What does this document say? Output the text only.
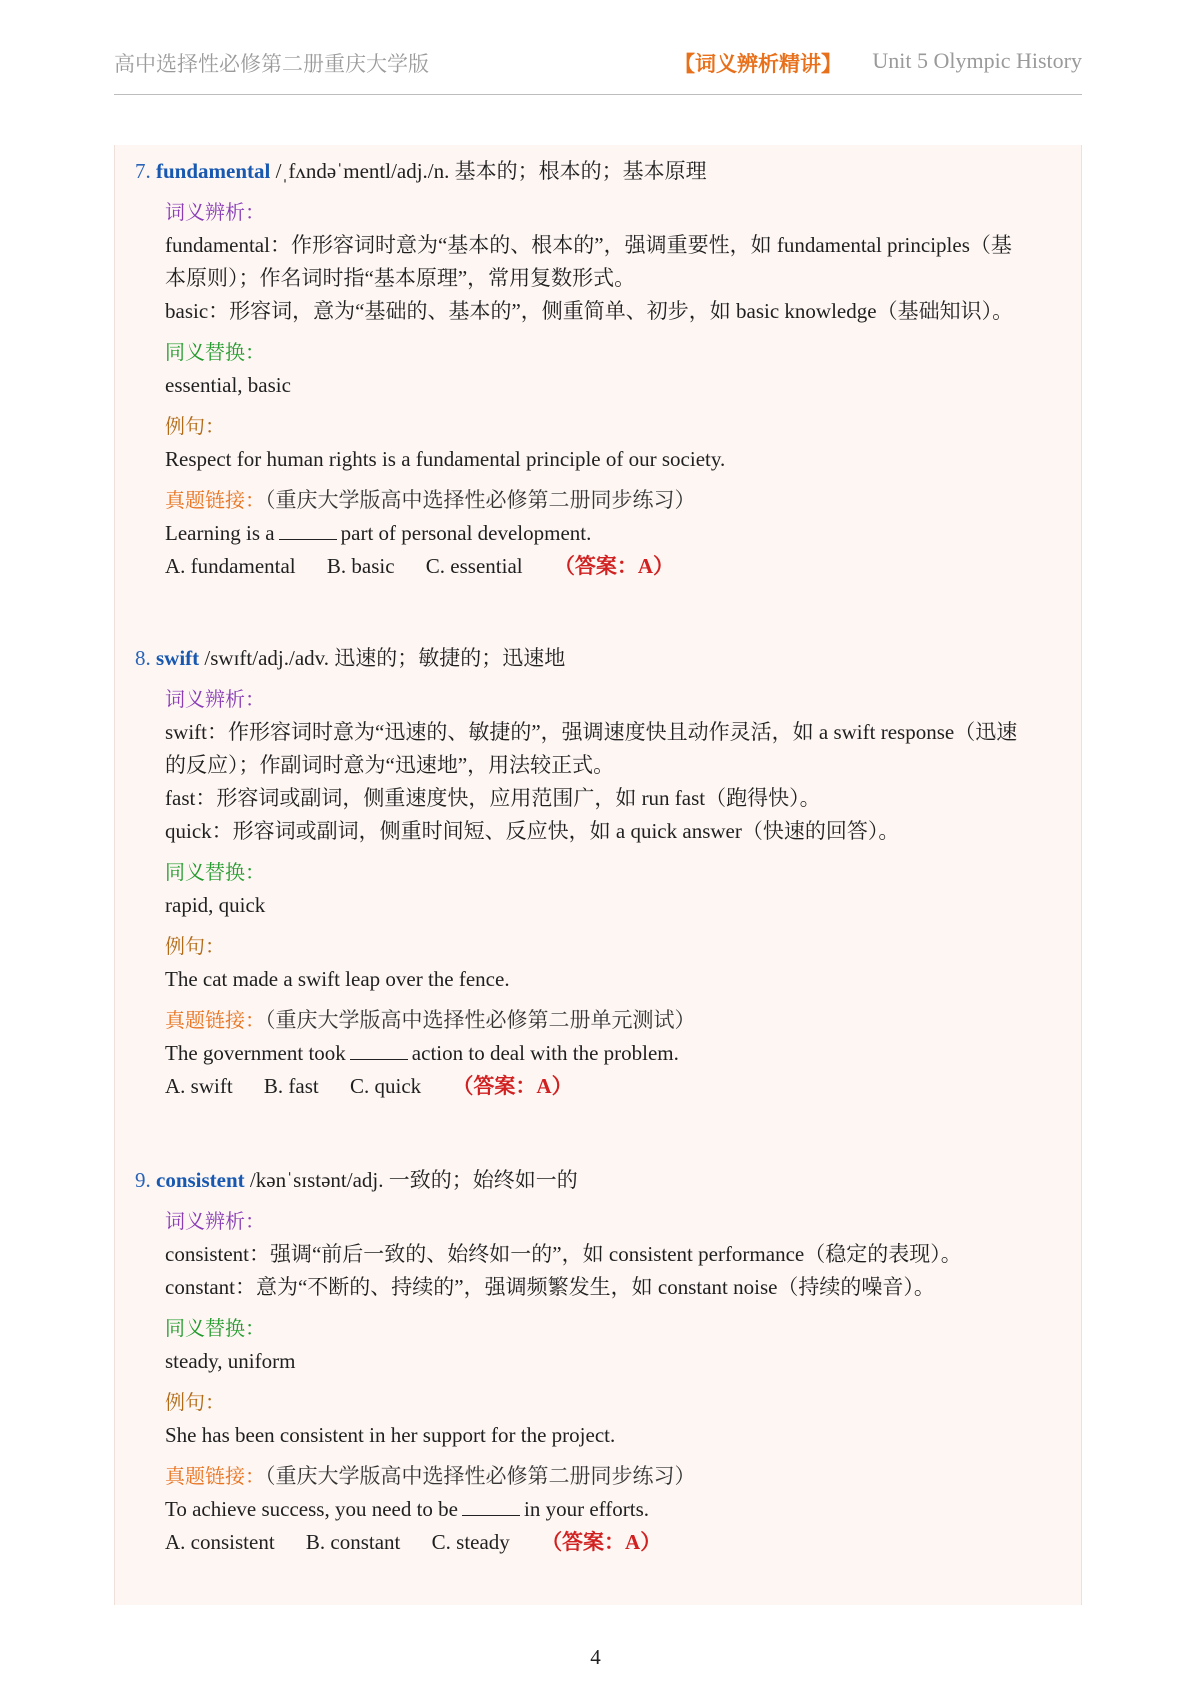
高中选择性必修第二册重庆大学版	【词义辨析精讲】 Unit 5 Olympic History
7. fundamental /ˌfʌndəˈmentl/adj./n. 基本的；根本的；基本原理
词义辨析：
fundamental：作形容词时意为“基本的、根本的”，强调重要性，如 fundamental principles（基
本原则）；作名词时指“基本原理”，常用复数形式。
basic：形容词，意为“基础的、基本的”，侧重简单、初步，如 basic knowledge（基础知识）。
同义替换：
essential, basic
例句：
Respect for human rights is a fundamental principle of our society.
真题链接：（重庆大学版高中选择性必修第二册同步练习）
Learning is a	part of personal development.
A. fundamental B. basic C. essential （答案：A）
8. swift /swɪft/adj./adv. 迅速的；敏捷的；迅速地
词义辨析：
swift：作形容词时意为“迅速的、敏捷的”，强调速度快且动作灵活，如 a swift response（迅速
的反应）；作副词时意为“迅速地”，用法较正式。
fast：形容词或副词，侧重速度快，应用范围广，如 run fast（跑得快）。
quick：形容词或副词，侧重时间短、反应快，如 a quick answer（快速的回答）。
同义替换：
rapid, quick
例句：
The cat made a swift leap over the fence.
真题链接：（重庆大学版高中选择性必修第二册单元测试）
The government took	action to deal with the problem.
A. swift B. fast C. quick （答案：A）
9. consistent /kənˈsɪstənt/adj. 一致的；始终如一的
词义辨析：
consistent：强调“前后一致的、始终如一的”，如 consistent performance（稳定的表现）。
constant：意为“不断的、持续的”，强调频繁发生，如 constant noise（持续的噪音）。
同义替换：
steady, uniform
例句：
She has been consistent in her support for the project.
真题链接：（重庆大学版高中选择性必修第二册同步练习）
To achieve success, you need to be	in your efforts.
A. consistent B. constant C. steady （答案：A）
4
